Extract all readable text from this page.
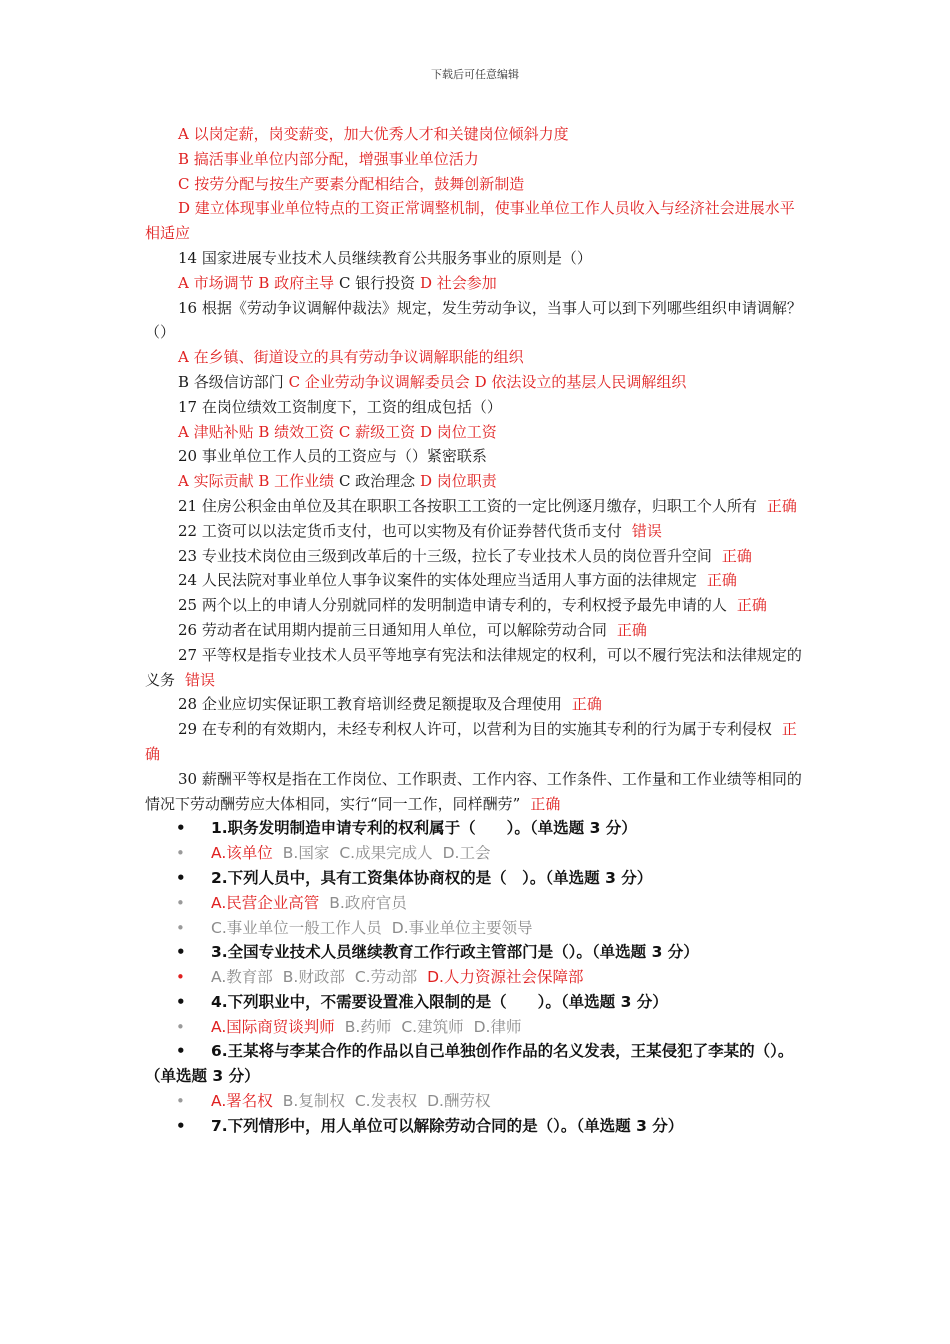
下载后可任意编辑

A 以岗定薪，岗变薪变，加大优秀人才和关键岗位倾斜力度

B 搞活事业单位内部分配，增强事业单位活力

C 按劳分配与按生产要素分配相结合，鼓舞创新制造

D 建立体现事业单位特点的工资正常调整机制，使事业单位工作人员收入与经济社会进展水平相适应

14 国家进展专业技术人员继续教育公共服务事业的原则是（）

A 市场调节 B 政府主导 C 银行投资 D 社会参加

16 根据《劳动争议调解仲裁法》规定，发生劳动争议，当事人可以到下列哪些组织申请调解？（）

A 在乡镇、街道设立的具有劳动争议调解职能的组织

B 各级信访部门 C 企业劳动争议调解委员会 D 依法设立的基层人民调解组织

17 在岗位绩效工资制度下，工资的组成包括（）

A 津贴补贴 B 绩效工资 C 薪级工资 D 岗位工资

20 事业单位工作人员的工资应与（）紧密联系

A 实际贡献 B 工作业绩 C 政治理念 D 岗位职责

21 住房公积金由单位及其在职职工各按职工工资的一定比例逐月缴存，归职工个人所有 正确

22 工资可以以法定货币支付，也可以实物及有价证券替代货币支付 错误

23 专业技术岗位由三级到改革后的十三级，拉长了专业技术人员的岗位晋升空间 正确

24 人民法院对事业单位人事争议案件的实体处理应当适用人事方面的法律规定 正确

25 两个以上的申请人分别就同样的发明制造申请专利的，专利权授予最先申请的人 正确

26 劳动者在试用期内提前三日通知用人单位，可以解除劳动合同 正确

27 平等权是指专业技术人员平等地享有宪法和法律规定的权利，可以不履行宪法和法律规定的义务 错误

28 企业应切实保证职工教育培训经费足额提取及合理使用 正确

29 在专利的有效期内，未经专利权人许可，以营利为目的实施其专利的行为属于专利侵权 正确

30 薪酬平等权是指在工作岗位、工作职责、工作内容、工作条件、工作量和工作业绩等相同的情况下劳动酬劳应大体相同，实行“同一工作，同样酬劳” 正确

• 1.职务发明制造申请专利的权利属于（　　）。（单选题 3 分）
• A.该单位 B.国家 C.成果完成人 D.工会
• 2.下列人员中，具有工资集体协商权的是（　）。（单选题 3 分）
• A.民营企业高管 B.政府官员
• C.事业单位一般工作人员 D.事业单位主要领导
• 3.全国专业技术人员继续教育工作行政主管部门是（）。（单选题 3 分）
• A.教育部 B.财政部 C.劳动部 D.人力资源社会保障部
• 4.下列职业中，不需要设置准入限制的是（　　）。（单选题 3 分）
• A.国际商贸谈判师 B.药师 C.建筑师 D.律师
• 6.王某将与李某合作的作品以自己单独创作作品的名义发表，王某侵犯了李某的（）。（单选题 3 分）
• A.署名权 B.复制权 C.发表权 D.酬劳权
• 7.下列情形中，用人单位可以解除劳动合同的是（）。（单选题 3 分）
